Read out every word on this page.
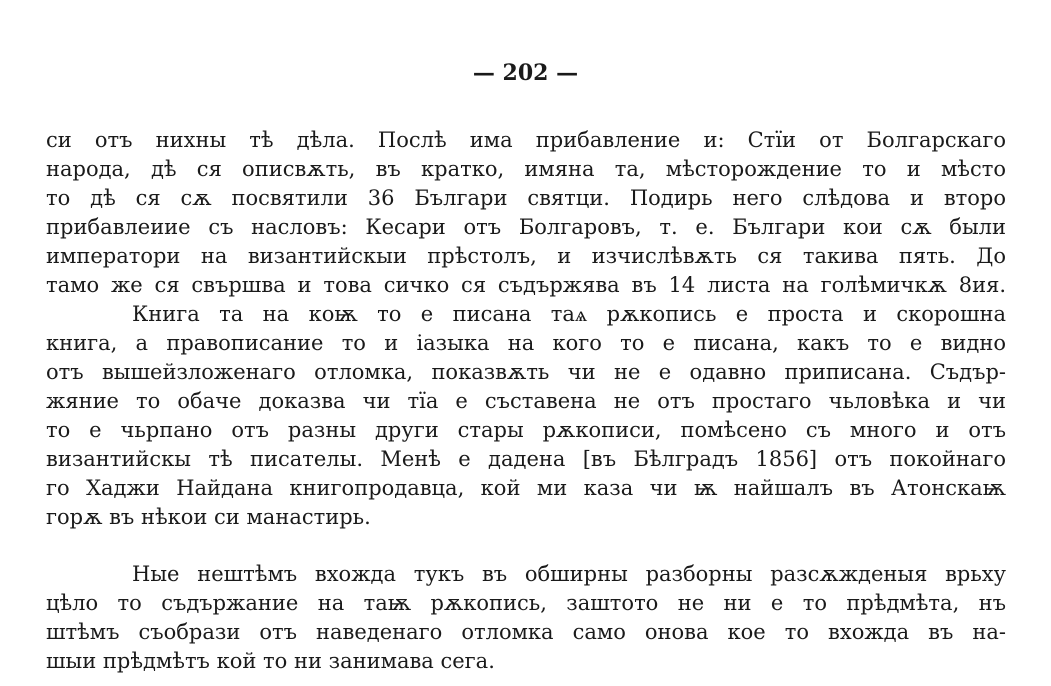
— 202 —
си отъ нихны тѣ дѣла. Послѣ има прибавление и: Стїи от Болгарскаго
народа, дѣ ся описвѫть, въ кратко, имяна та, мѣсторождение то и мѣсто
то дѣ ся сѫ посвятили 36 Българи святци. Подирь него слѣдова и второ
прибавлеиие съ насловъ: Кесари отъ Болгаровъ, т. е. Българи кои сѫ были
императори на византийскыи прѣстолъ, и изчислѣвѫть ся такива пять. До
тамо же ся свършва и това сичко ся съдържява въ 14 листа на голѣмичкѫ 8ия.
Книга та на коѭ то е писана таѧ рѫкопись е проста и скорошна
книга, а правописание то и іазыка на кого то е писана, какъ то е видно
отъ вышейзложенаго отломка, показвѫть чи не е одавно приписана. Съдър-
жяние то обаче доказва чи тїа е съставена не отъ простаго чьловѣка и чи
то е чьрпано отъ разны други стары рѫкописи, помѣсено съ много и отъ
византийскы тѣ писателы. Менѣ е дадена [въ Бѣлградъ 1856] отъ покойнаго
го Хаджи Найдана книгопродавца, кой ми каза чи ѭ найшалъ въ Атонскаѭ
горѫ въ нѣкои си манастирь.
Ные нештѣмъ вхожда тукъ въ обширны разборны разсѫжденыя врьху
цѣло то съдържание на таѭ рѫкопись, заштото не ни е то прѣдмѣта, нъ
штѣмъ съобрази отъ наведенаго отломка само онова кое то вхожда въ на-
шыи прѣдмѣтъ кой то ни занимава сега.
